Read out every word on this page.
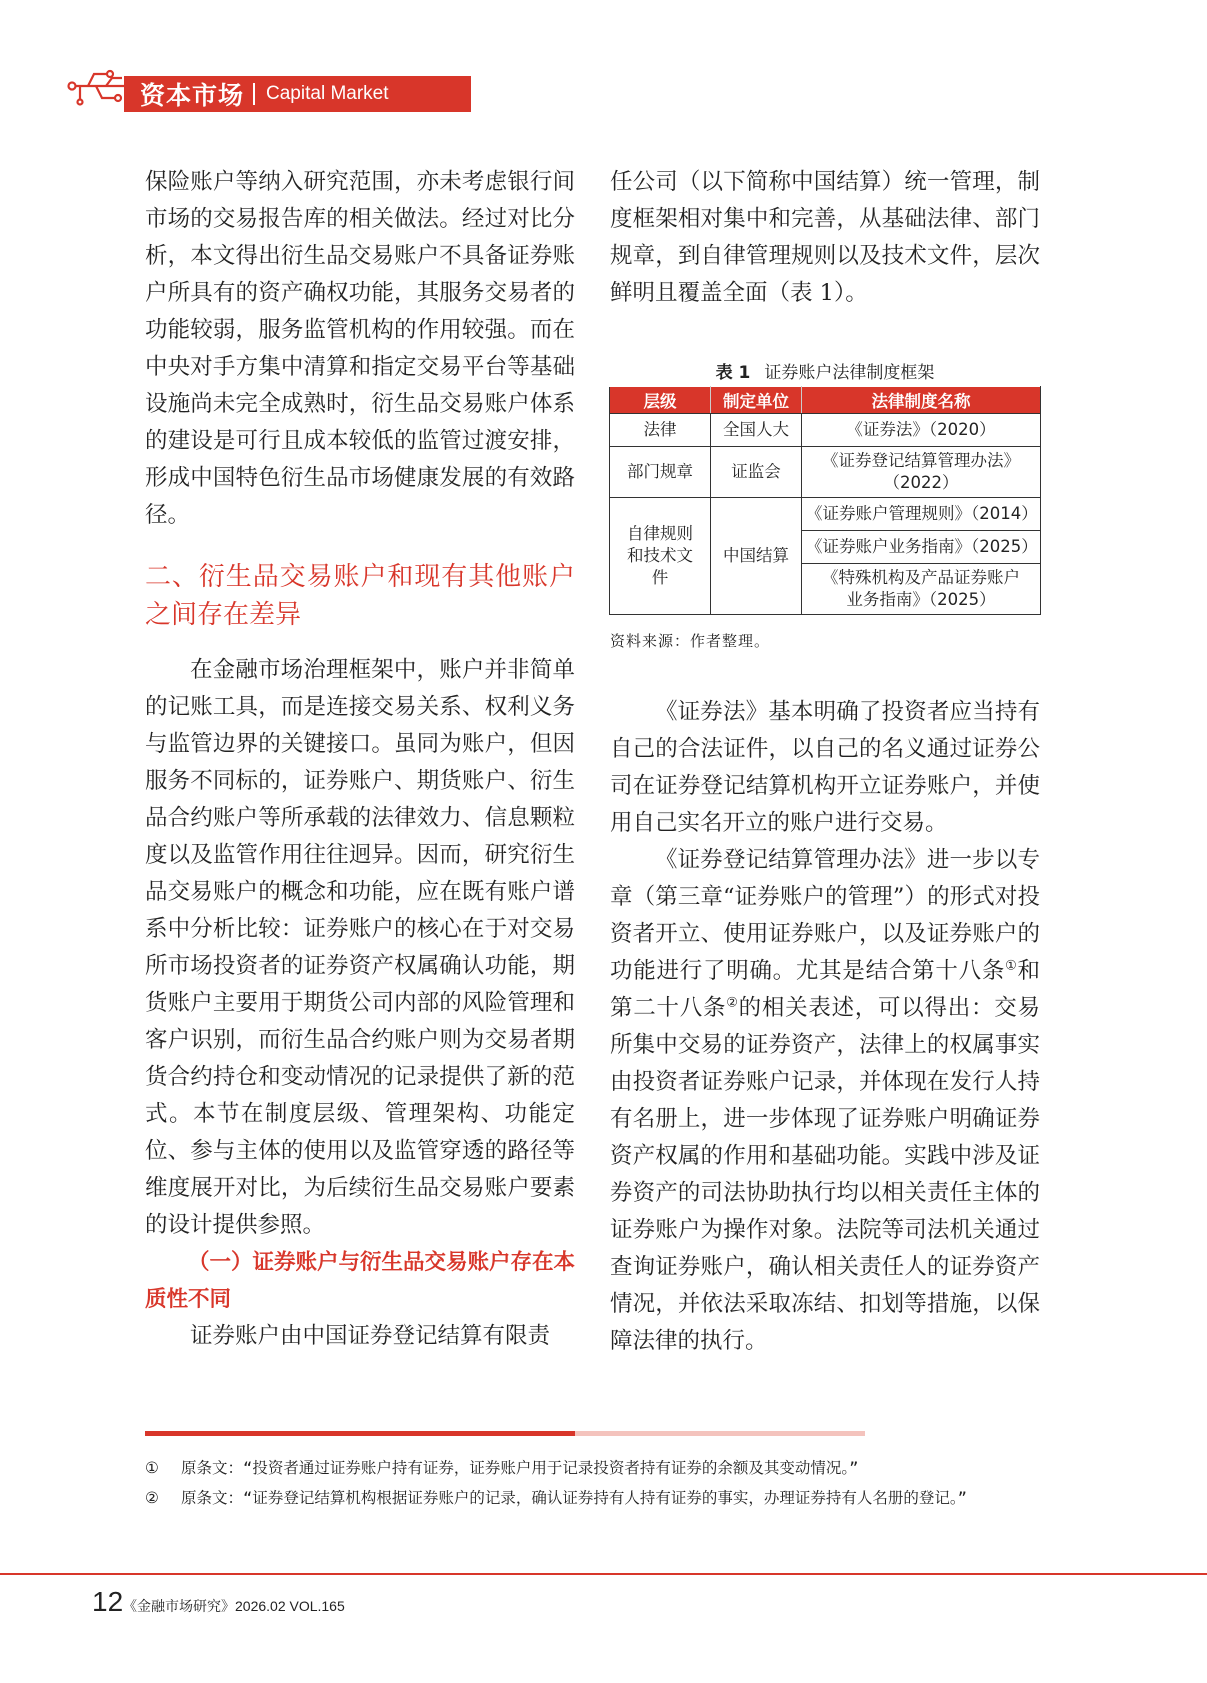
资本市场 Capital Market

保险账户等纳入研究范围，亦未考虑银行间市场的交易报告库的相关做法。经过对比分析，本文得出衍生品交易账户不具备证券账户所具有的资产确权功能，其服务交易者的功能较弱，服务监管机构的作用较强。而在中央对手方集中清算和指定交易平台等基础设施尚未完全成熟时，衍生品交易账户体系的建设是可行且成本较低的监管过渡安排，形成中国特色衍生品市场健康发展的有效路径。

二、衍生品交易账户和现有其他账户之间存在差异

在金融市场治理框架中，账户并非简单的记账工具，而是连接交易关系、权利义务与监管边界的关键接口。虽同为账户，但因服务不同标的，证券账户、期货账户、衍生品合约账户等所承载的法律效力、信息颗粒度以及监管作用往往迥异。因而，研究衍生品交易账户的概念和功能，应在既有账户谱系中分析比较：证券账户的核心在于对交易所市场投资者的证券资产权属确认功能，期货账户主要用于期货公司内部的风险管理和客户识别，而衍生品合约账户则为交易者期货合约持仓和变动情况的记录提供了新的范式。本节在制度层级、管理架构、功能定位、参与主体的使用以及监管穿透的路径等维度展开对比，为后续衍生品交易账户要素的设计提供参照。

（一）证券账户与衍生品交易账户存在本质性不同

证券账户由中国证券登记结算有限责

任公司（以下简称中国结算）统一管理，制度框架相对集中和完善，从基础法律、部门规章，到自律管理规则以及技术文件，层次鲜明且覆盖全面（表 1）。

表 1 证券账户法律制度框架
层级	制定单位	法律制度名称
法律	全国人大	《证券法》（2020）
部门规章	证监会	《证券登记结算管理办法》（2022）
自律规则和技术文件	中国结算	《证券账户管理规则》（2014）
		《证券账户业务指南》（2025）
		《特殊机构及产品证券账户业务指南》（2025）
资料来源：作者整理。

《证券法》基本明确了投资者应当持有自己的合法证件，以自己的名义通过证券公司在证券登记结算机构开立证券账户，并使用自己实名开立的账户进行交易。

《证券登记结算管理办法》进一步以专章（第三章“证券账户的管理”）的形式对投资者开立、使用证券账户，以及证券账户的功能进行了明确。尤其是结合第十八条①和第二十八条②的相关表述，可以得出：交易所集中交易的证券资产，法律上的权属事实由投资者证券账户记录，并体现在发行人持有名册上，进一步体现了证券账户明确证券资产权属的作用和基础功能。实践中涉及证券资产的司法协助执行均以相关责任主体的证券账户为操作对象。法院等司法机关通过查询证券账户，确认相关责任人的证券资产情况，并依法采取冻结、扣划等措施，以保障法律的执行。

① 原条文：“投资者通过证券账户持有证券，证券账户用于记录投资者持有证券的余额及其变动情况。”
② 原条文：“证券登记结算机构根据证券账户的记录，确认证券持有人持有证券的事实，办理证券持有人名册的登记。”
12 《金融市场研究》2026.02 VOL.165
